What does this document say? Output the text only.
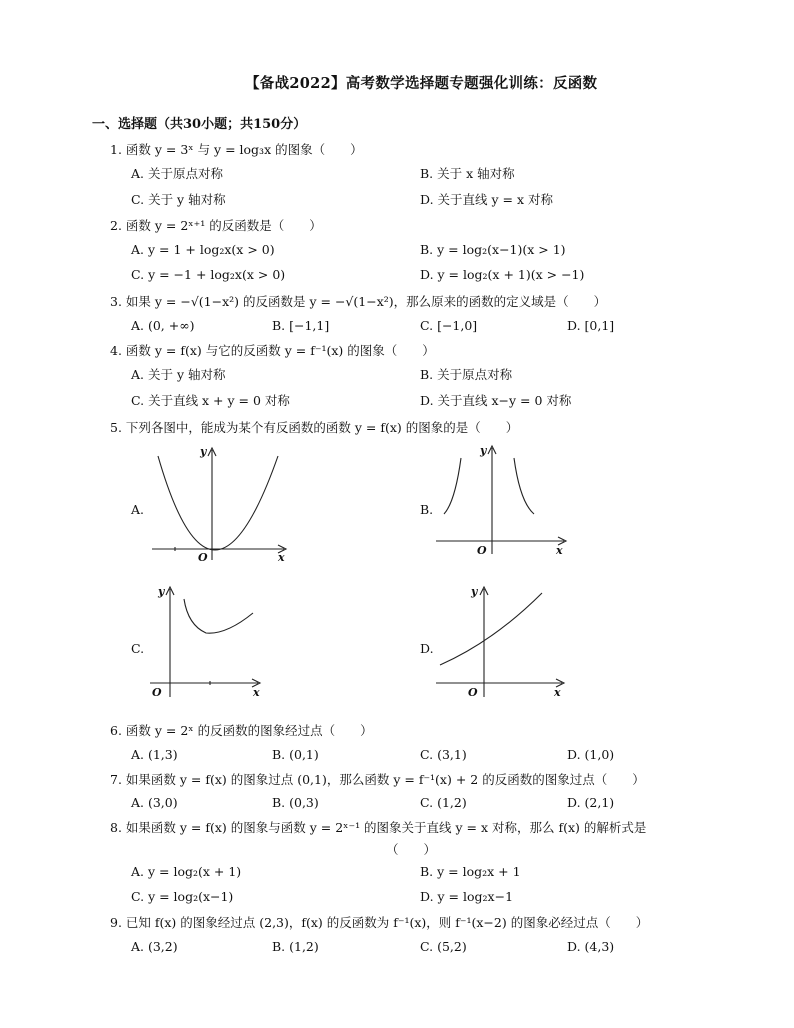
【备战2022】高考数学选择题专题强化训练：反函数
一、选择题（共30小题；共150分）
1. 函数 y = 3ˣ 与 y = log₃x 的图象（　　）
A. 关于原点对称	B. 关于 x 轴对称
C. 关于 y 轴对称	D. 关于直线 y = x 对称
2. 函数 y = 2ˣ⁺¹ 的反函数是（　　）
A. y = 1 + log₂x(x > 0)	B. y = log₂(x−1)(x > 1)
C. y = −1 + log₂x(x > 0)	D. y = log₂(x + 1)(x > −1)
3. 如果 y = −√(1−x²) 的反函数是 y = −√(1−x²)，那么原来的函数的定义域是（　　）
A. (0, +∞)	B. [−1,1]	C. [−1,0]	D. [0,1]
4. 函数 y = f(x) 与它的反函数 y = f⁻¹(x) 的图象（　　）
A. 关于 y 轴对称	B. 关于原点对称
C. 关于直线 x + y = 0 对称	D. 关于直线 x−y = 0 对称
5. 下列各图中，能成为某个有反函数的函数 y = f(x) 的图象的是（　　）
A.
y
x
O
B.
y
x
O
C.
y
x
O
D.
y
x
O
6. 函数 y = 2ˣ 的反函数的图象经过点（　　）
A. (1,3)	B. (0,1)	C. (3,1)	D. (1,0)
7. 如果函数 y = f(x) 的图象过点 (0,1)，那么函数 y = f⁻¹(x) + 2 的反函数的图象过点（　　）
A. (3,0)	B. (0,3)	C. (1,2)	D. (2,1)
8. 如果函数 y = f(x) 的图象与函数 y = 2ˣ⁻¹ 的图象关于直线 y = x 对称，那么 f(x) 的解析式是
（　　）
A. y = log₂(x + 1)	B. y = log₂x + 1
C. y = log₂(x−1)	D. y = log₂x−1
9. 已知 f(x) 的图象经过点 (2,3)，f(x) 的反函数为 f⁻¹(x)，则 f⁻¹(x−2) 的图象必经过点（　　）
A. (3,2)	B. (1,2)	C. (5,2)	D. (4,3)
